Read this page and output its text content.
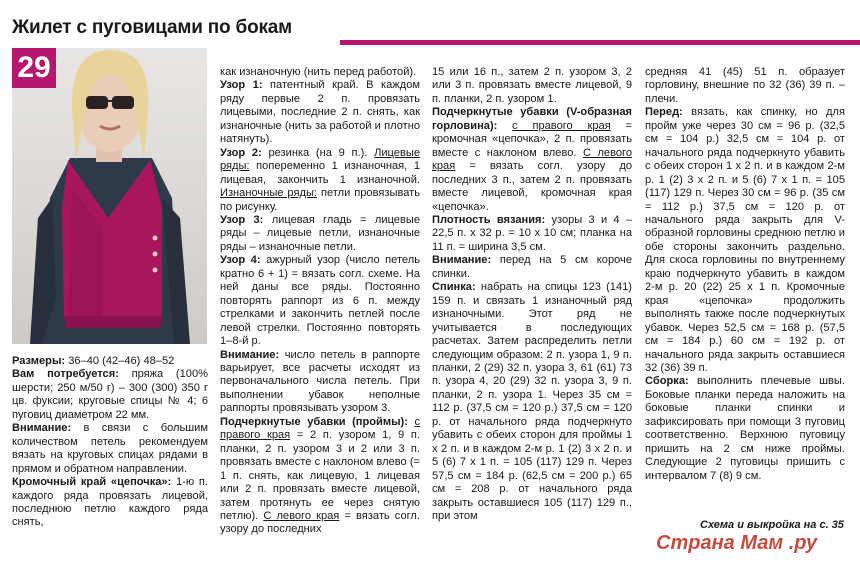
Жилет с пуговицами по бокам
29

Размеры: 36–40 (42–46) 48–52

Вам потребуется: пряжа (100% шерсти; 250 м/50 г) – 300 (300) 350 г цв. фуксии; круговые спицы № 4; 6 пуговиц диаметром 22 мм.

Внимание: в связи с большим количеством петель рекомендуем вязать на круговых спицах рядами в прямом и обратном направлении.

Кромочный край «цепочка»: 1-ю п. каждого ряда провязать лицевой, последнюю петлю каждого ряда снять,

как изнаночную (нить перед работой).

Узор 1: патентный край. В каждом ряду первые 2 п. провязать лицевыми, последние 2 п. снять, как изнаночные (нить за работой и плотно натянуть).

Узор 2: резинка (на 9 п.). Лицевые ряды: попеременно 1 изнаночная, 1 лицевая, закончить 1 изнаночной. Изнаночные ряды: петли провязывать по рисунку.

Узор 3: лицевая гладь = лицевые ряды – лицевые петли, изнаночные ряды – изнаночные петли.

Узор 4: ажурный узор (число петель кратно 6 + 1) = вязать согл. схеме. На ней даны все ряды. Постоянно повторять раппорт из 6 п. между стрелками и закончить петлей после левой стрелки. Постоянно повторять 1–8-й р.

Внимание: число петель в раппорте варьирует, все расчеты исходят из первоначального числа петель. При выполнении убавок неполные раппорты провязывать узором 3.

Подчеркнутые убавки (проймы): с правого края = 2 п. узором 1, 9 п. планки, 2 п. узором 3 и 2 или 3 п. провязать вместе с наклоном влево (= 1 п. снять, как лицевую, 1 лицевая или 2 п. провязать вместе лицевой, затем протянуть ее через снятую петлю). С левого края = вязать согл. узору до последних

15 или 16 п., затем 2 п. узором 3, 2 или 3 п. провязать вместе лицевой, 9 п. планки, 2 п. узором 1.

Подчеркнутые убавки (V-образная горловина): с правого края = кромочная «цепочка», 2 п. провязать вместе с наклоном влево. С левого края = вязать согл. узору до последних 3 п., затем 2 п. провязать вместе лицевой, кромочная края «цепочка».

Плотность вязания: узоры 3 и 4 – 22,5 п. х 32 р. = 10 х 10 см; планка на 11 п. = ширина 3,5 см.

Внимание: перед на 5 см короче спинки.

Спинка: набрать на спицы 123 (141) 159 п. и связать 1 изнаночный ряд изнаночными. Этот ряд не учитывается в последующих расчетах. Затем распределить петли следующим образом: 2 п. узора 1, 9 п. планки, 2 (29) 32 п. узора 3, 61 (61) 73 п. узора 4, 20 (29) 32 п. узора 3, 9 п. планки, 2 п. узора 1. Через 35 см = 112 р. (37,5 см = 120 р.) 37,5 см = 120 р. от начального ряда подчеркнуто убавить с обеих сторон для проймы 1 х 2 п. и в каждом 2-м р. 1 (2) 3 х 2 п. и 5 (6) 7 х 1 п. = 105 (117) 129 п. Через 57,5 см = 184 р. (62,5 см = 200 р.) 65 см = 208 р. от начального ряда закрыть оставшиеся 105 (117) 129 п., при этом

средняя 41 (45) 51 п. образует горловину, внешние по 32 (36) 39 п. – плечи.

Перед: вязать, как спинку, но для пройм уже через 30 см = 96 р. (32,5 см = 104 р.) 32,5 см = 104 р. от начального ряда подчеркнуто убавить с обеих сторон 1 х 2 п. и в каждом 2-м р. 1 (2) 3 х 2 п. и 5 (6) 7 х 1 п. = 105 (117) 129 п. Через 30 см = 96 р. (35 см = 112 р.) 37,5 см = 120 р. от начального ряда закрыть для V-образной горловины среднюю петлю и обе стороны закончить раздельно. Для скоса горловины по внутреннему краю подчеркнуто убавить в каждом 2-м р. 20 (22) 25 х 1 п. Кромочные края «цепочка» продолжить выполнять также после подчеркнутых убавок. Через 52,5 см = 168 р. (57,5 см = 184 р.) 60 см = 192 р. от начального ряда закрыть оставшиеся 32 (36) 39 п.

Сборка: выполнить плечевые швы. Боковые планки переда наложить на боковые планки спинки и зафиксировать при помощи 3 пуговиц соответственно. Верхнюю пуговицу пришить на 2 см ниже проймы. Следующие 2 пуговицы пришить с интервалом 7 (8) 9 см.

Схема и выкройка на с. 35
Страна Мам .ру
